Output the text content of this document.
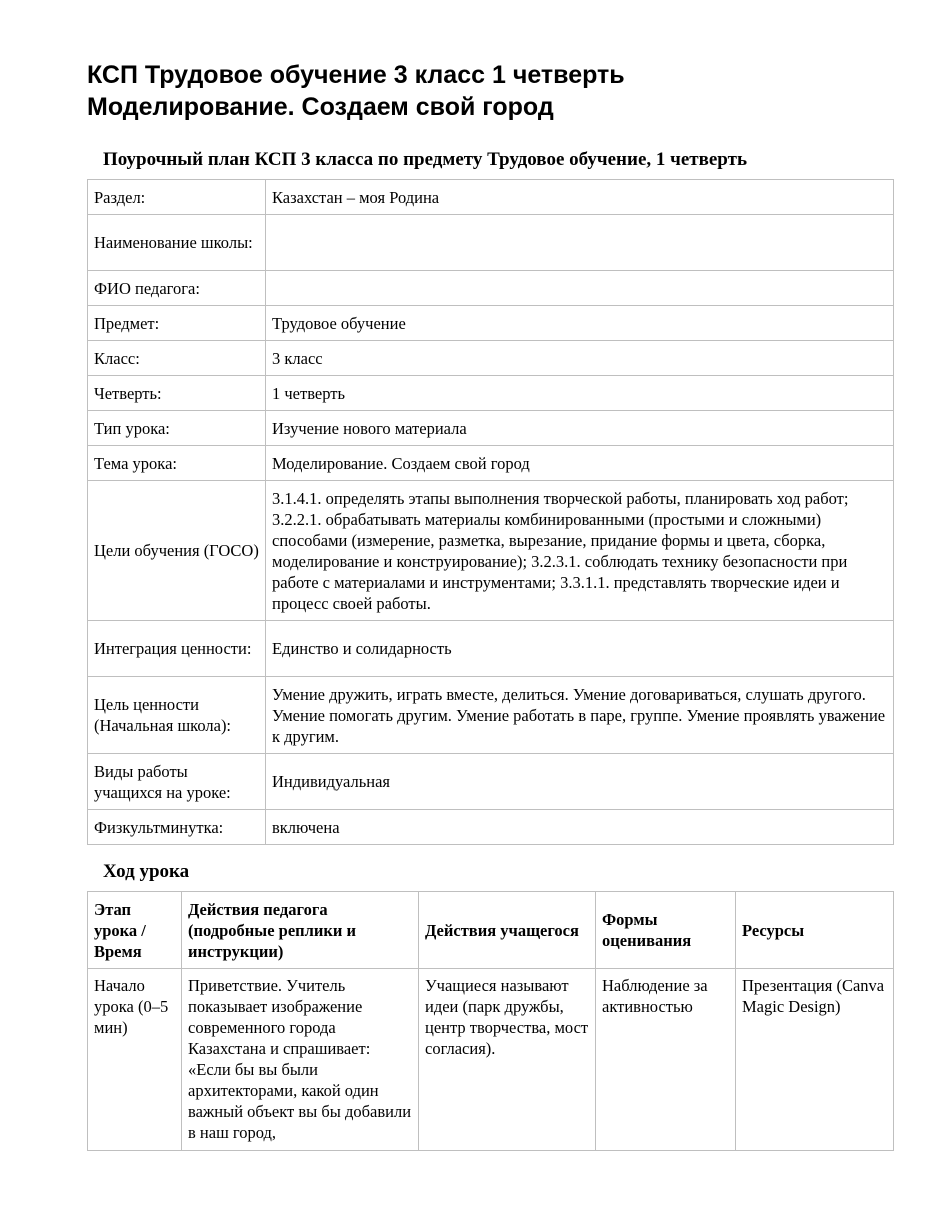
КСП Трудовое обучение 3 класс 1 четверть
Моделирование. Создаем свой город
Поурочный план КСП 3 класса по предмету Трудовое обучение, 1 четверть
Раздел:	Казахстан – моя Родина
Наименование школы:	
ФИО педагога:	
Предмет:	Трудовое обучение
Класс:	3 класс
Четверть:	1 четверть
Тип урока:	Изучение нового материала
Тема урока:	Моделирование. Создаем свой город
Цели обучения (ГОСО)	3.1.4.1. определять этапы выполнения творческой работы, планировать ход работ; 3.2.2.1. обрабатывать материалы комбинированными (простыми и сложными) способами (измерение, разметка, вырезание, придание формы и цвета, сборка, моделирование и конструирование); 3.2.3.1. соблюдать технику безопасности при работе с материалами и инструментами; 3.3.1.1. представлять творческие идеи и процесс своей работы.
Интеграция ценности:	Единство и солидарность
Цель ценности (Начальная школа):	Умение дружить, играть вместе, делиться. Умение договариваться, слушать другого. Умение помогать другим. Умение работать в паре, группе. Умение проявлять уважение к другим.
Виды работы учащихся на уроке:	Индивидуальная
Физкультминутка:	включена
Ход урока
Этап урока / Время	Действия педагога (подробные реплики и инструкции)	Действия учащегося	Формы оценивания	Ресурсы
Начало урока (0–5 мин)	Приветствие. Учитель показывает изображение современного города Казахстана и спрашивает: «Если бы вы были архитекторами, какой один важный объект вы бы добавили в наш город,	Учащиеся называют идеи (парк дружбы, центр творчества, мост согласия).	Наблюдение за активностью	Презентация (Canva Magic Design)
